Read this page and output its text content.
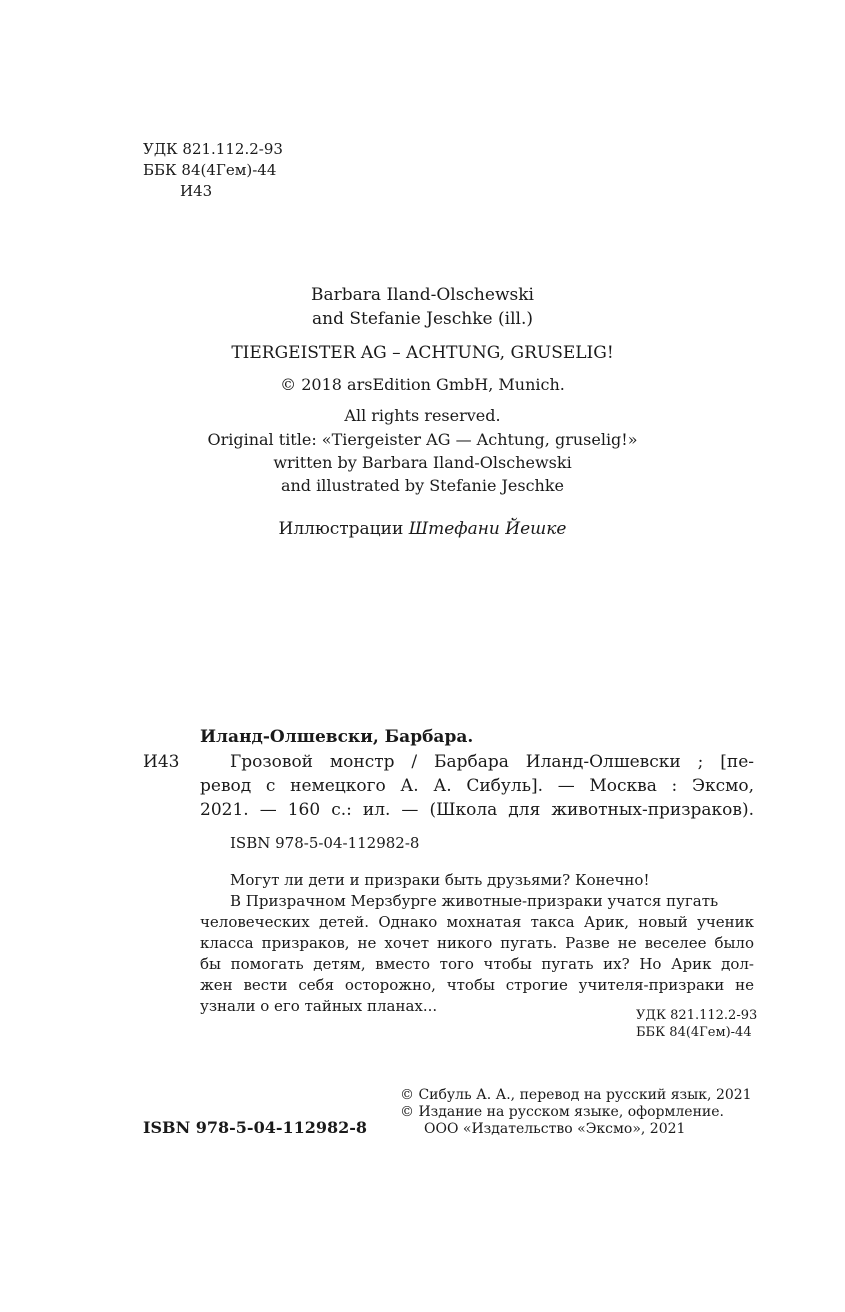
УДК 821.112.2-93
ББК 84(4Гем)-44
И43
Barbara Iland-Olschewski
and Stefanie Jeschke (ill.)
TIERGEISTER AG – ACHTUNG, GRUSELIG!
© 2018 arsEdition GmbH, Munich.
All rights reserved.
Original title: «Tiergeister AG — Achtung, gruselig!»
written by Barbara Iland-Olschewski
and illustrated by Stefanie Jeschke
Иллюстрации Штефани Йешке
Иланд-Олшевски, Барбара.
И43	Грозовой монстр / Барбара Иланд-Олшевски ; [пе-
ревод с немецкого А. А. Сибуль]. — Москва : Эксмо,
2021. — 160 с.: ил. — (Школа для животных-призраков).
ISBN 978-5-04-112982-8
Могут ли дети и призраки быть друзьями? Конечно!
В Призрачном Мерзбурге животные-призраки учатся пугать
человеческих детей. Однако мохнатая такса Арик, новый ученик
класса призраков, не хочет никого пугать. Разве не веселее было
бы помогать детям, вместо того чтобы пугать их? Но Арик дол-
жен вести себя осторожно, чтобы строгие учителя-призраки не
узнали о его тайных планах...
УДК 821.112.2-93
ББК 84(4Гем)-44
© Сибуль А. А., перевод на русский язык, 2021
© Издание на русском языке, оформление.
ISBN 978-5-04-112982-8	ООО «Издательство «Эксмо», 2021
